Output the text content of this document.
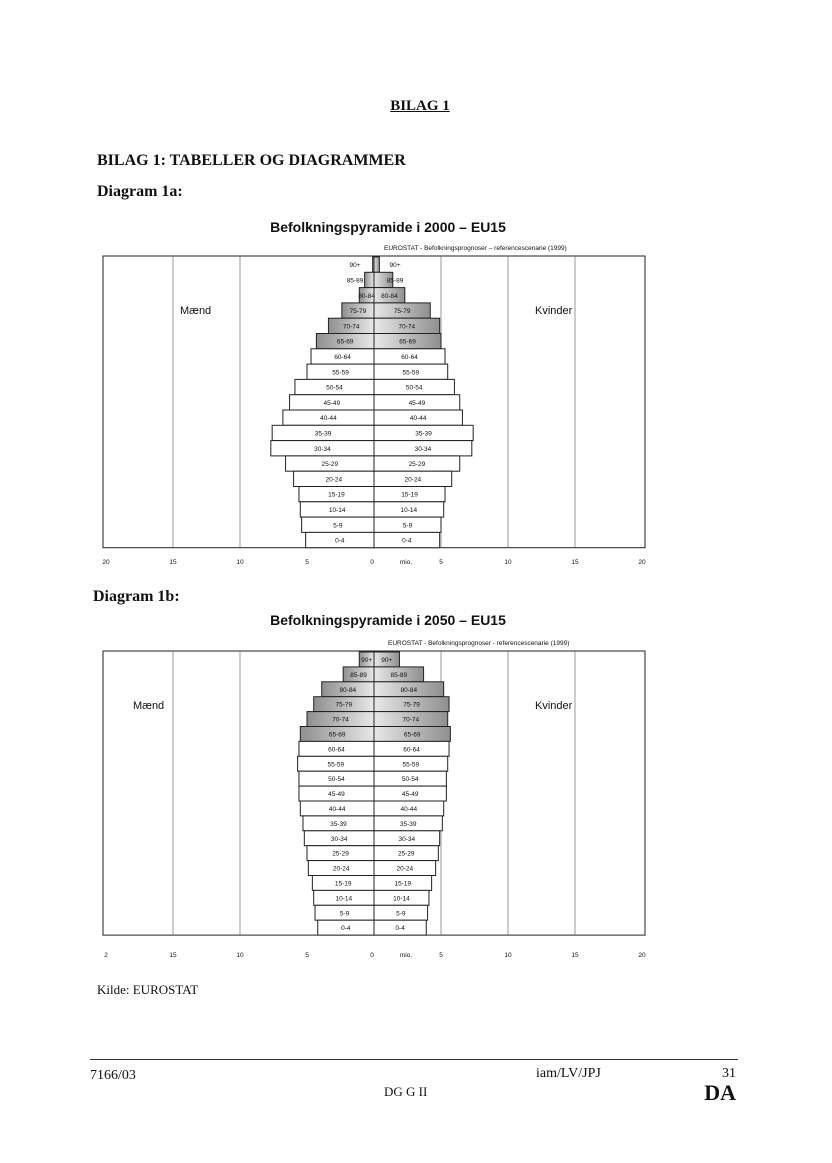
BILAG 1
BILAG 1: TABELLER OG DIAGRAMMER
Diagram 1a:
Befolkningspyramide i 2000 – EU15
EUROSTAT - Befolkningsprognoser – referencescenarie (1999)
90+	90+
85-89	85-89
80-84 80-84
75-79	75-79
70-74	70-74
65-69	65-69
60-64	60-64
55-59	55-59
50-54	50-54
45-49	45-49
40-44	40-44
35-39	35-39
30-34	30-34
25-29	25-29
20-24	20-24
15-19	15-19
10-14	10-14
5-9	5-9
0-4	0-4
Mænd	Kvinder
20	15	10	5	0	mio.	5	10	15	20
Diagram 1b:
Befolkningspyramide i 2050 – EU15
EUROSTAT - Befolkningsprognoser - referencescenarie (1999)
90+ 90+
85-89	85-89
80-84	80-84
75-79	75-79
70-74	70-74
65-69	65-69
60-64	60-64
55-59	55-59
50-54	50-54
45-49	45-49
40-44	40-44
35-39	35-39
30-34	30-34
25-29	25-29
20-24	20-24
15-19	15-19
10-14	10-14
5-9	5-9
0-4	0-4
Mænd	Kvinder
2	15	10	5	0	mio.	5	10	15	20
Kilde: EUROSTAT
7166/03
DG G II
iam/LV/JPJ	31
DA
